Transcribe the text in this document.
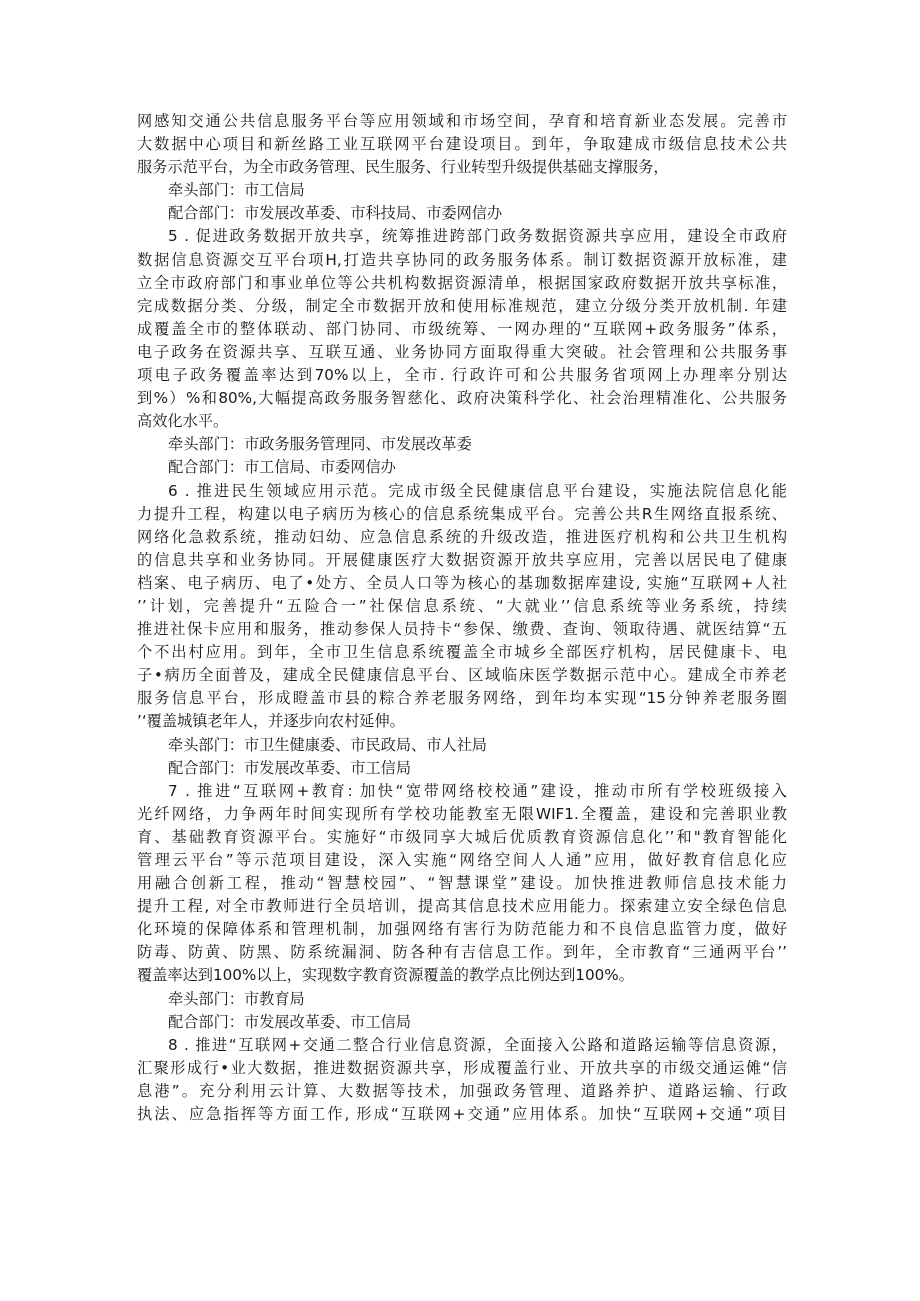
网感知交通公共信息服务平台等应用领域和市场空间，孕育和培育新业态发展。完善市
大数据中心项目和新丝路工业互联网平台建设项目。到年，争取建成市级信息技术公共
服务示范平台，为全市政务管理、民生服务、行业转型升级提供基础支撑服务，
牵头部门：市工信局
配合部门：市发展改革委、市科技局、市委网信办
5 . 促进政务数据开放共享，统筹推进跨部门政务数据资源共享应用，建设全市政府
数据信息资源交互平台项H,打造共享协同的政务服务体系。制订数据资源开放标准，建
立全市政府部门和事业单位等公共机构数据资源清单，根据国家政府数据开放共享标准，
完成数据分类、分级，制定全市数据开放和使用标准规范，建立分级分类开放机制. 年建
成覆盖全市的整体联动、部门协同、市级统筹、一网办理的“互联网+政务服务”体系，
电子政务在资源共享、互联互通、业务协同方面取得重大突破。社会管理和公共服务事
项电子政务覆盖率达到70%以上，全市. 行政许可和公共服务省项网上办理率分别达
到%）%和80%,大幅提高政务服务智慈化、政府决策科学化、社会治理精准化、公共服务
高效化水平。
牵头部门：市政务服务管理同、市发展改革委
配合部门：市工信局、市委网信办
6 . 推进民生领域应用示范。完成市级全民健康信息平台建设，实施法院信息化能
力提升工程，构建以电子病历为核心的信息系统集成平台。完善公共R生网络直报系统、
网络化急救系统，推动妇幼、应急信息系统的升级改造，推进医疗机构和公共卫生机构
的信息共享和业务协同。开展健康医疗大数据资源开放共享应用，完善以居民电了健康
档案、电子病历、电了•处方、全员人口等为核心的基珈数据库建设, 实施“互联网+人社
’’计划，完善提升“五险合一”社保信息系统、“大就业’’信息系统等业务系统，持续
推进社保卡应用和服务，推动参保人员持卡“参保、缴费、查询、领取待遇、就医结算“五
个不出村应用。到年，全市卫生信息系统覆盖全市城乡全部医疗机构，居民健康卡、电
子•病历全面普及，建成全民健康信息平台、区域临床医学数据示范中心。建成全市养老
服务信息平台，形成瞪盖市县的粽合养老服务网络，到年均本实现“15分钟养老服务圈
’‘覆盖城镇老年人，并逐步向农村延伸。
牵头部门：市卫生健康委、市民政局、市人社局
配合部门：市发展改革委、市工信局
7 . 推进“互联网+教育: 加快“宽带网络校校通”建设，推动市所有学校班级接入
光纤网络，力争两年时间实现所有学校功能教室无限WIF1.全覆盖，建设和完善职业教
育、基础教育资源平台。实施好“市级同享大城后优质教育资源信息化’’和"教育智能化
管理云平台”等示范项目建设，深入实施“网络空间人人通”应用，做好教育信息化应
用融合创新工程，推动“智慧校园”、“智慧课堂”建设。加快推进教师信息技术能力
提升工程, 对全市教师进行全员培训，提高其信息技术应用能力。探索建立安全绿色信息
化环境的保障体系和管理机制，加强网络有害行为防范能力和不良信息监管力度，做好
防毒、防黄、防黑、防系统漏洞、防各种有吉信息工作。到年，全市教育“三通两平台’’
覆盖率达到100%以上，实现数字教育资源覆盖的教学点比例达到100%。
牵头部门：市教育局
配合部门：市发展改革委、市工信局
8 . 推进“互联网+交通二整合行业信息资源，全面接入公路和道路运输等信息资源，
汇聚形成行•业大数据，推进数据资源共享，形成覆盖行业、开放共享的市级交通运傩“信
息港”。充分利用云计算、大数据等技术，加强政务管理、道路养护、道路运输、行政
执法、应急指挥等方面工作, 形成“互联网+交通”应用体系。加快“互联网+交通”项目
